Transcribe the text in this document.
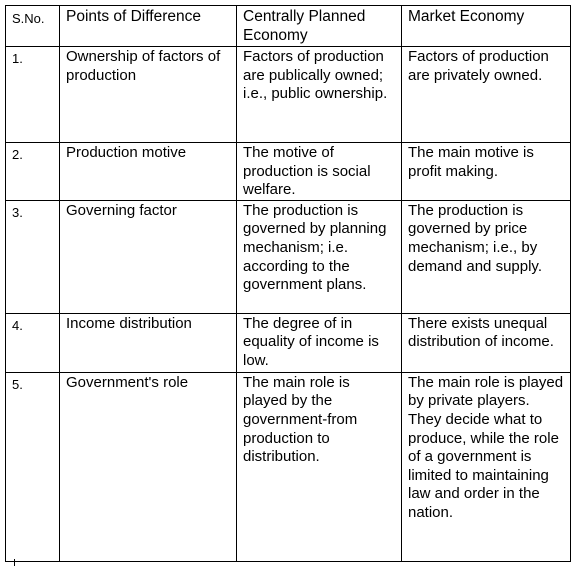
S.No.	Points of Difference	Centrally Planned Economy	Market Economy
1.	Ownership of factors of production	Factors of production are publically owned; i.e., public ownership.	Factors of production are privately owned.
2.	Production motive	The motive of production is social welfare.	The main motive is profit making.
3.	Governing factor	The production is governed by planning mechanism; i.e. according to the government plans.	The production is governed by price mechanism; i.e., by demand and supply.
4.	Income distribution	The degree of in equality of income is low.	There exists unequal distribution of income.
5.	Government's role	The main role is played by the government-from production to distribution.	The main role is played by private players. They decide what to produce, while the role of a government is limited to maintaining law and order in the nation.
